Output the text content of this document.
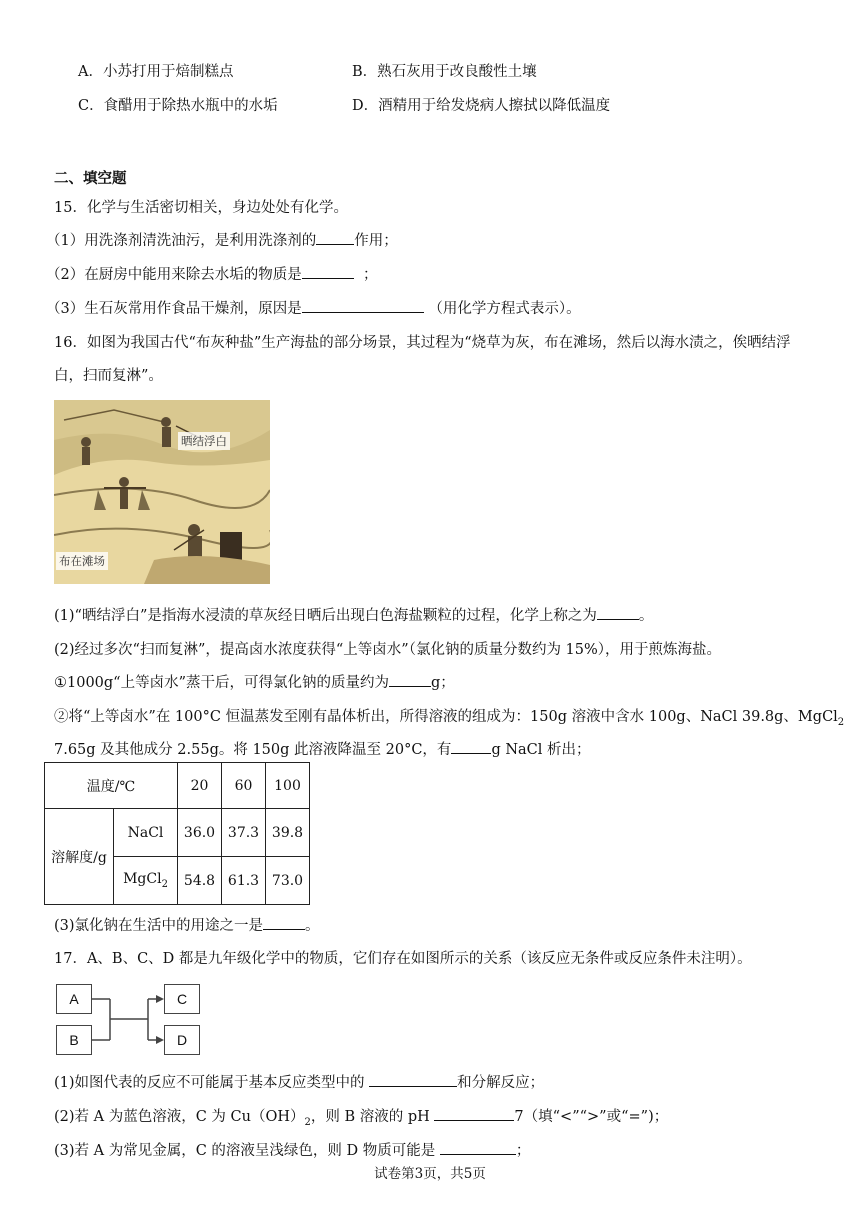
A．小苏打用于焙制糕点	B．熟石灰用于改良酸性土壤
C．食醋用于除热水瓶中的水垢	D．酒精用于给发烧病人擦拭以降低温度
二、填空题
15．化学与生活密切相关，身边处处有化学。
（1）用洗涤剂清洗油污，是利用洗涤剂的	作用；
（2）在厨房中能用来除去水垢的物质是	；
（3）生石灰常用作食品干燥剂，原因是	（用化学方程式表示）。
16．如图为我国古代“布灰种盐”生产海盐的部分场景，其过程为“烧草为灰，布在滩场，然后以海水渍之，俟晒结浮
白，扫而复淋”。
晒结浮白
布在滩场
(1)“晒结浮白”是指海水浸渍的草灰经日晒后出现白色海盐颗粒的过程，化学上称之为	。
(2)经过多次“扫而复淋”，提高卤水浓度获得“上等卤水”（氯化钠的质量分数约为 15%），用于煎炼海盐。
①1000g“上等卤水”蒸干后，可得氯化钠的质量约为	g；
②将“上等卤水”在 100°C 恒温蒸发至刚有晶体析出，所得溶液的组成为：150g 溶液中含水 100g、NaCl 39.8g、MgCl$_2$
7.65g 及其他成分 2.55g。将 150g 此溶液降温至 20°C，有	g NaCl 析出；
温度/℃		20	60	100
溶解度/g	NaCl	36.0	37.3	39.8
	MgCl$_2$	54.8	61.3	73.0
(3)氯化钠在生活中的用途之一是	。
17．A、B、C、D 都是九年级化学中的物质，它们存在如图所示的关系（该反应无条件或反应条件未注明）。
A
B
C
D
(1)如图代表的反应不可能属于基本反应类型中的	和分解反应；
(2)若 A 为蓝色溶液，C 为 $Cu(OH)_2$，则 B 溶液的 pH	7（填“<”“>”或“=”)；
(3)若 A 为常见金属，C 的溶液呈浅绿色，则 D 物质可能是	；
试卷第3页，共5页
